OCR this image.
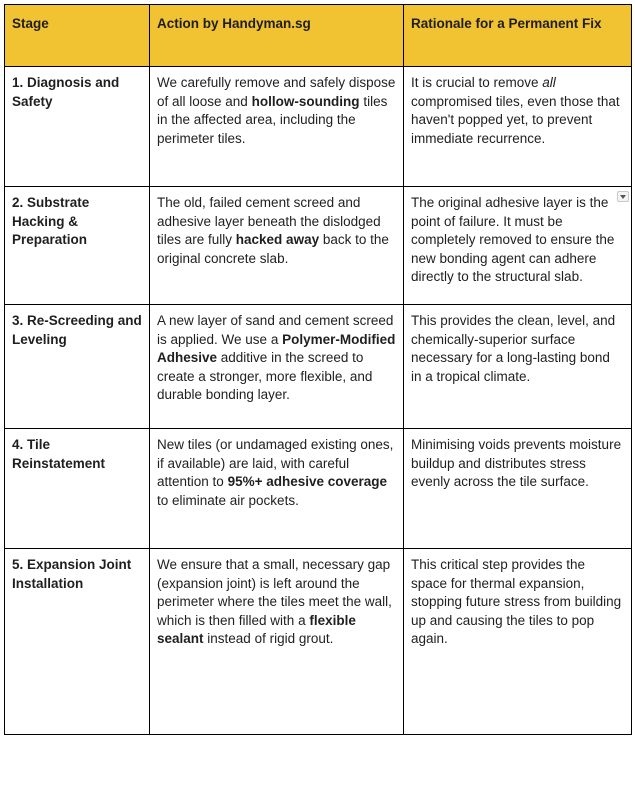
Stage	Action by Handyman.sg	Rationale for a Permanent Fix
1. Diagnosis and Safety	We carefully remove and safely dispose of all loose and hollow-sounding tiles in the affected area, including the perimeter tiles.	It is crucial to remove all compromised tiles, even those that haven't popped yet, to prevent immediate recurrence.
2. Substrate Hacking & Preparation	The old, failed cement screed and adhesive layer beneath the dislodged tiles are fully hacked away back to the original concrete slab.	The original adhesive layer is the point of failure. It must be completely removed to ensure the new bonding agent can adhere directly to the structural slab.

3. Re-Screeding and Leveling	A new layer of sand and cement screed is applied. We use a Polymer-Modified Adhesive additive in the screed to create a stronger, more flexible, and durable bonding layer.	This provides the clean, level, and chemically-superior surface necessary for a long-lasting bond in a tropical climate.
4. Tile Reinstatement	New tiles (or undamaged existing ones, if available) are laid, with careful attention to 95%+ adhesive coverage to eliminate air pockets.	Minimising voids prevents moisture buildup and distributes stress evenly across the tile surface.
5. Expansion Joint Installation	We ensure that a small, necessary gap (expansion joint) is left around the perimeter where the tiles meet the wall, which is then filled with a flexible sealant instead of rigid grout.	This critical step provides the space for thermal expansion, stopping future stress from building up and causing the tiles to pop again.
